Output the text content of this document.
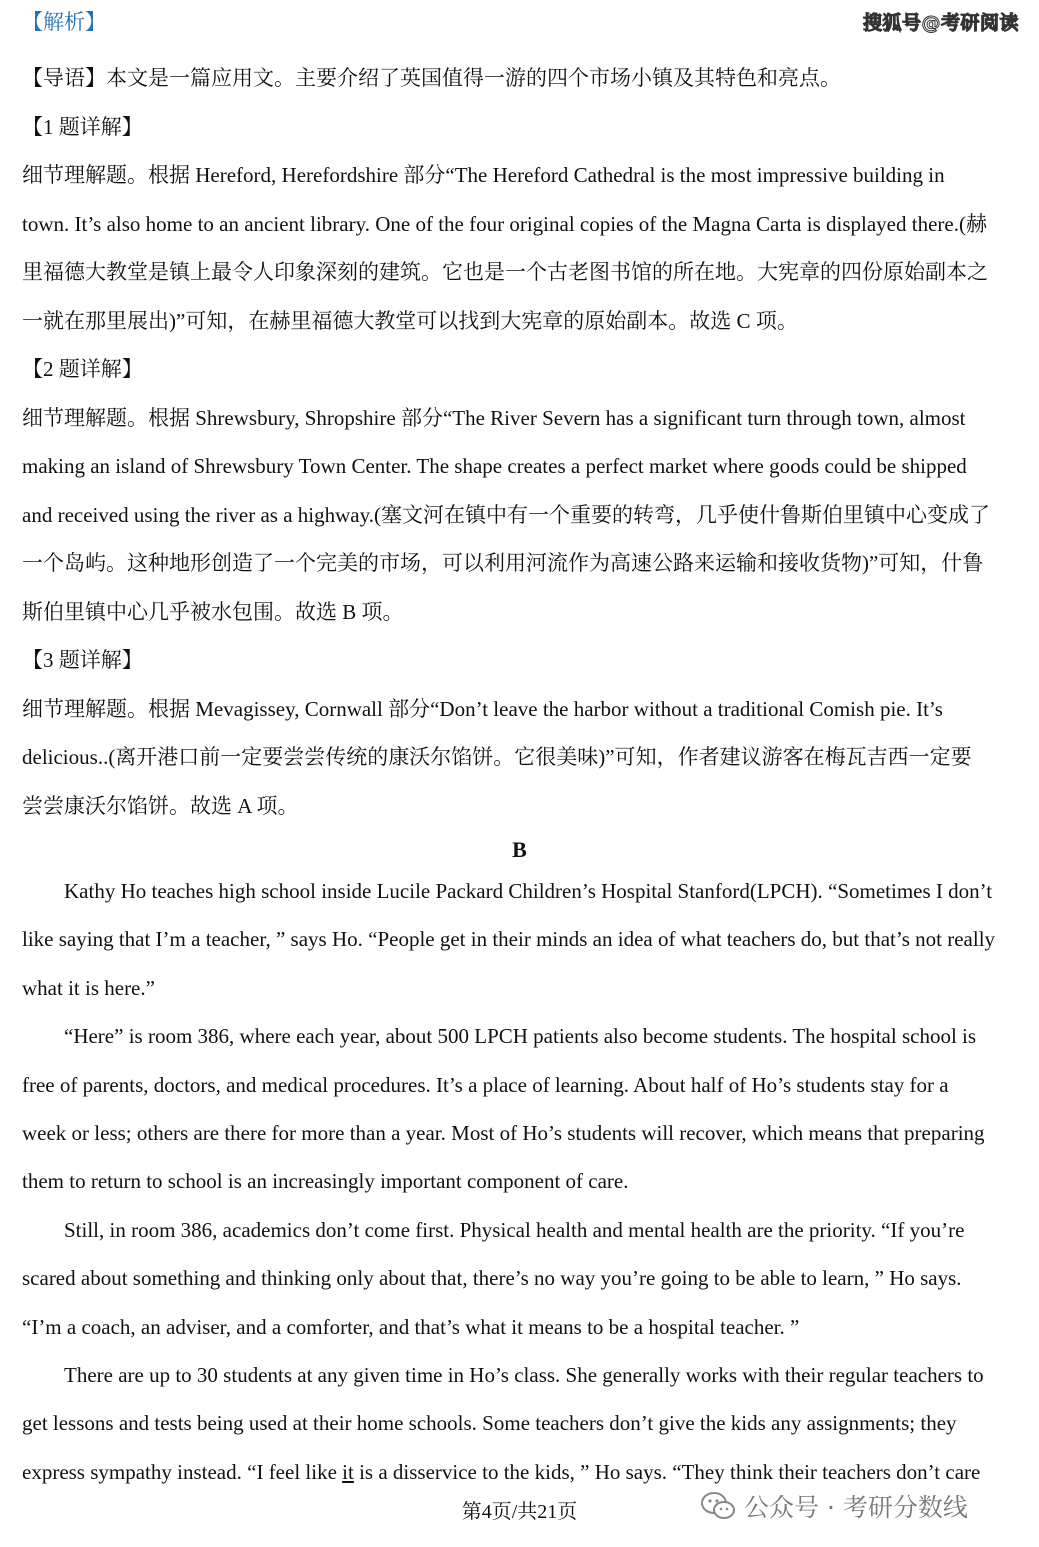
搜狐号@考研阅读
【解析】
【导语】本文是一篇应用文。主要介绍了英国值得一游的四个市场小镇及其特色和亮点。
【1 题详解】
细节理解题。根据 Hereford, Herefordshire 部分“The Hereford Cathedral is the most impressive building in
town. It’s also home to an ancient library. One of the four original copies of the Magna Carta is displayed there.(赫
里福德大教堂是镇上最令人印象深刻的建筑。它也是一个古老图书馆的所在地。大宪章的四份原始副本之
一就在那里展出)”可知，在赫里福德大教堂可以找到大宪章的原始副本。故选 C 项。
【2 题详解】
细节理解题。根据 Shrewsbury, Shropshire 部分“The River Severn has a significant turn through town, almost
making an island of Shrewsbury Town Center. The shape creates a perfect market where goods could be shipped
and received using the river as a highway.(塞文河在镇中有一个重要的转弯，几乎使什鲁斯伯里镇中心变成了
一个岛屿。这种地形创造了一个完美的市场，可以利用河流作为高速公路来运输和接收货物)”可知，什鲁
斯伯里镇中心几乎被水包围。故选 B 项。
【3 题详解】
细节理解题。根据 Mevagissey, Cornwall 部分“Don’t leave the harbor without a traditional Comish pie. It’s
delicious..(离开港口前一定要尝尝传统的康沃尔馅饼。它很美味)”可知，作者建议游客在梅瓦吉西一定要
尝尝康沃尔馅饼。故选 A 项。
B
Kathy Ho teaches high school inside Lucile Packard Children’s Hospital Stanford(LPCH). “Sometimes I don’t
like saying that I’m a teacher, ” says Ho. “People get in their minds an idea of what teachers do, but that’s not really
what it is here.”
“Here” is room 386, where each year, about 500 LPCH patients also become students. The hospital school is
free of parents, doctors, and medical procedures. It’s a place of learning. About half of Ho’s students stay for a
week or less; others are there for more than a year. Most of Ho’s students will recover, which means that preparing
them to return to school is an increasingly important component of care.
Still, in room 386, academics don’t come first. Physical health and mental health are the priority. “If you’re
scared about something and thinking only about that, there’s no way you’re going to be able to learn, ” Ho says.
“I’m a coach, an adviser, and a comforter, and that’s what it means to be a hospital teacher. ”
There are up to 30 students at any given time in Ho’s class. She generally works with their regular teachers to
get lessons and tests being used at their home schools. Some teachers don’t give the kids any assignments; they
express sympathy instead. “I feel like it is a disservice to the kids, ” Ho says. “They think their teachers don’t care
第4页/共21页	公众号 · 考研分数线
